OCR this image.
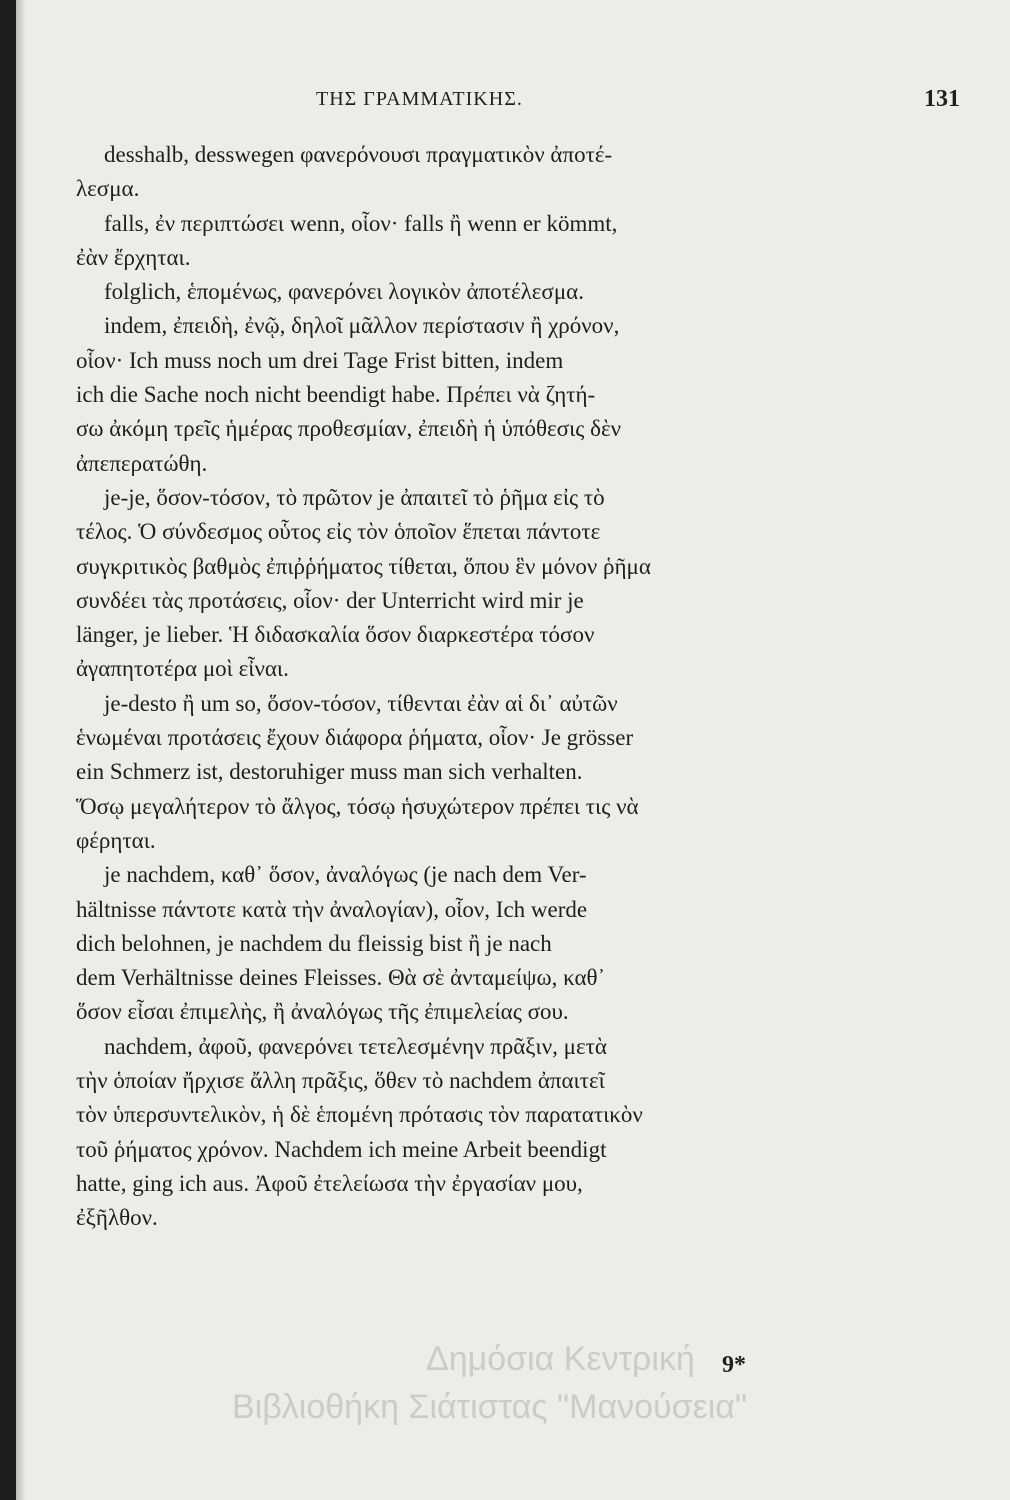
ΤΗΣ ΓΡΑΜΜΑΤΙΚΗΣ.	131
desshalb, desswegen φανερόνουσι πραγματικὸν ἀποτέ-
λεσμα.
falls, ἐν περιπτώσει wenn, οἷον· falls ἢ wenn er kömmt,
ἐὰν ἔρχηται.
folglich, ἑπομένως, φανερόνει λογικὸν ἀποτέλεσμα.
indem, ἐπειδὴ, ἐνῷ, δηλοῖ μᾶλλον περίστασιν ἢ χρόνον,
οἷον· Ich muss noch um drei Tage Frist bitten, indem
ich die Sache noch nicht beendigt habe. Πρέπει νὰ ζητή-
σω ἀκόμη τρεῖς ἡμέρας προθεσμίαν, ἐπειδὴ ἡ ὑπόθεσις δὲν
ἀπεπερατώθη.
je-je, ὅσον-τόσον, τὸ πρῶτον je ἀπαιτεῖ τὸ ῥῆμα εἰς τὸ
τέλος. Ὁ σύνδεσμος οὗτος εἰς τὸν ὁποῖον ἕπεται πάντοτε
συγκριτικὸς βαθμὸς ἐπιῤῥήματος τίθεται, ὅπου ἓν μόνον ῥῆμα
συνδέει τὰς προτάσεις, οἷον· der Unterricht wird mir je
länger, je lieber. Ἡ διδασκαλία ὅσον διαρκεστέρα τόσον
ἀγαπητοτέρα μοὶ εἶναι.
je-desto ἢ um so, ὅσον-τόσον, τίθενται ἐὰν αἱ δι᾽ αὐτῶν
ἑνωμέναι προτάσεις ἔχουν διάφορα ῥήματα, οἷον· Je grösser
ein Schmerz ist, destoruhiger muss man sich verhalten.
Ὅσῳ μεγαλήτερον τὸ ἄλγος, τόσῳ ἡσυχώτερον πρέπει τις νὰ
φέρηται.
je nachdem, καθ᾽ ὅσον, ἀναλόγως (je nach dem Ver-
hältnisse πάντοτε κατὰ τὴν ἀναλογίαν), οἷον, Ich werde
dich belohnen, je nachdem du fleissig bist ἢ je nach
dem Verhältnisse deines Fleisses. Θὰ σὲ ἀνταμείψω, καθ᾽
ὅσον εἶσαι ἐπιμελὴς, ἢ ἀναλόγως τῆς ἐπιμελείας σου.
nachdem, ἀφοῦ, φανερόνει τετελεσμένην πρᾶξιν, μετὰ
τὴν ὁποίαν ἤρχισε ἄλλη πρᾶξις, ὅθεν τὸ nachdem ἀπαιτεῖ
τὸν ὑπερσυντελικὸν, ἡ δὲ ἑπομένη πρότασις τὸν παρατατικὸν
τοῦ ῥήματος χρόνον. Nachdem ich meine Arbeit beendigt
hatte, ging ich aus. Ἀφοῦ ἐτελείωσα τὴν ἐργασίαν μου,
ἐξῆλθον.
Δημόσια Κεντρική
Βιβλιοθήκη Σιάτιστας "Μανούσεια"
9*
